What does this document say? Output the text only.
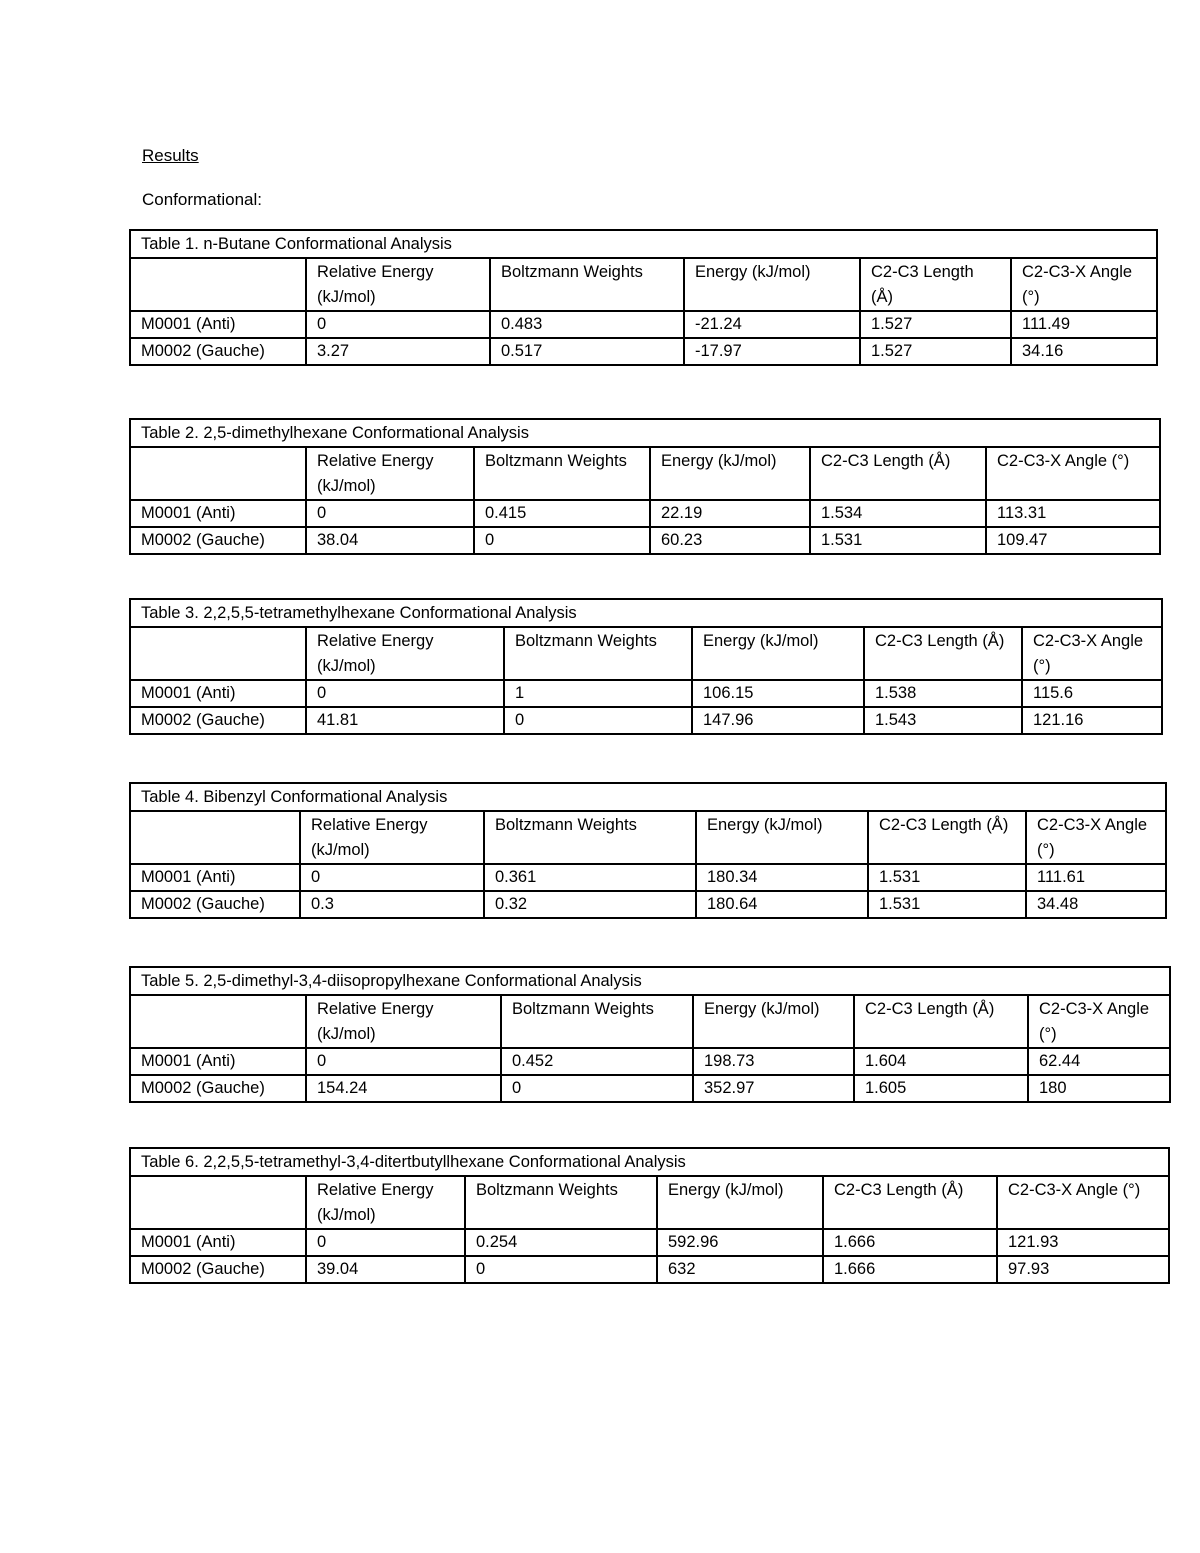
Results
Conformational:
Table 1. n-Butane Conformational Analysis					
	Relative Energy (kJ/mol)	Boltzmann Weights	Energy (kJ/mol)	C2-C3 Length (Å)	C2-C3-X Angle (°)
M0001 (Anti)	0	0.483	-21.24	1.527	111.49
M0002 (Gauche)	3.27	0.517	-17.97	1.527	34.16
Table 2. 2,5-dimethylhexane Conformational Analysis					
	Relative Energy (kJ/mol)	Boltzmann Weights	Energy (kJ/mol)	C2-C3 Length (Å)	C2-C3-X Angle (°)
M0001 (Anti)	0	0.415	22.19	1.534	113.31
M0002 (Gauche)	38.04	0	60.23	1.531	109.47
Table 3. 2,2,5,5-tetramethylhexane Conformational Analysis					
	Relative Energy (kJ/mol)	Boltzmann Weights	Energy (kJ/mol)	C2-C3 Length (Å)	C2-C3-X Angle (°)
M0001 (Anti)	0	1	106.15	1.538	115.6
M0002 (Gauche)	41.81	0	147.96	1.543	121.16
Table 4. Bibenzyl Conformational Analysis					
	Relative Energy (kJ/mol)	Boltzmann Weights	Energy (kJ/mol)	C2-C3 Length (Å)	C2-C3-X Angle (°)
M0001 (Anti)	0	0.361	180.34	1.531	111.61
M0002 (Gauche)	0.3	0.32	180.64	1.531	34.48
Table 5. 2,5-dimethyl-3,4-diisopropylhexane Conformational Analysis					
	Relative Energy (kJ/mol)	Boltzmann Weights	Energy (kJ/mol)	C2-C3 Length (Å)	C2-C3-X Angle (°)
M0001 (Anti)	0	0.452	198.73	1.604	62.44
M0002 (Gauche)	154.24	0	352.97	1.605	180
Table 6. 2,2,5,5-tetramethyl-3,4-ditertbutyllhexane Conformational Analysis					
	Relative Energy (kJ/mol)	Boltzmann Weights	Energy (kJ/mol)	C2-C3 Length (Å)	C2-C3-X Angle (°)
M0001 (Anti)	0	0.254	592.96	1.666	121.93
M0002 (Gauche)	39.04	0	632	1.666	97.93
